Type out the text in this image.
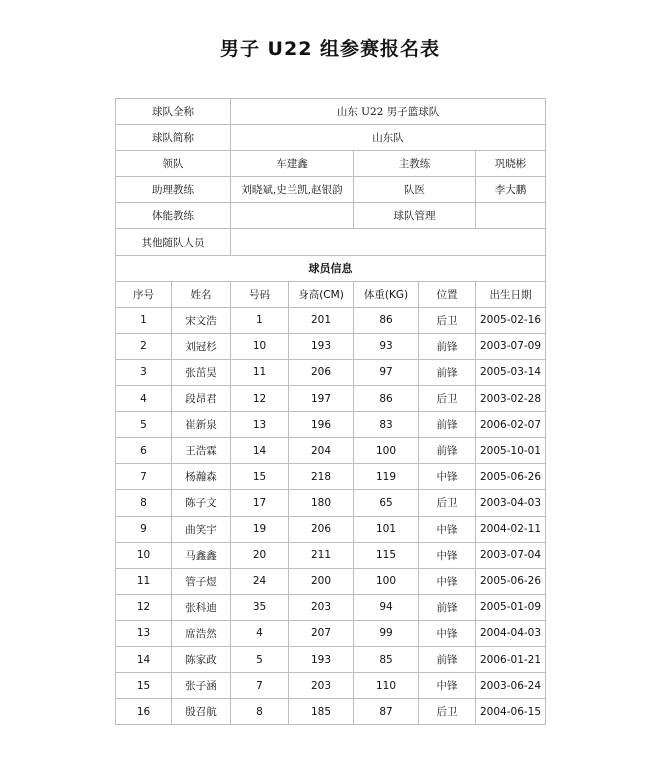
男子 U22 组参赛报名表
球队全称		山东 U22 男子篮球队				
球队简称		山东队				
领队		车建鑫		主教练		巩晓彬
助理教练		刘晓斌,史兰凯,赵银韵		队医		李大鹏
体能教练				球队管理		
其他随队人员						
球员信息						
序号	姓名	号码	身高(CM)	体重(KG)	位置	出生日期
1	宋文浩	1	201	86	后卫	2005-02-16
2	刘冠杉	10	193	93	前锋	2003-07-09
3	张茁昊	11	206	97	前锋	2005-03-14
4	段昂君	12	197	86	后卫	2003-02-28
5	崔新泉	13	196	83	前锋	2006-02-07
6	王浩霖	14	204	100	前锋	2005-10-01
7	杨瀚森	15	218	119	中锋	2005-06-26
8	陈子文	17	180	65	后卫	2003-04-03
9	曲笑宇	19	206	101	中锋	2004-02-11
10	马鑫鑫	20	211	115	中锋	2003-07-04
11	管子煜	24	200	100	中锋	2005-06-26
12	张科迪	35	203	94	前锋	2005-01-09
13	席浩然	4	207	99	中锋	2004-04-03
14	陈家政	5	193	85	前锋	2006-01-21
15	张子涵	7	203	110	中锋	2003-06-24
16	殷召航	8	185	87	后卫	2004-06-15
